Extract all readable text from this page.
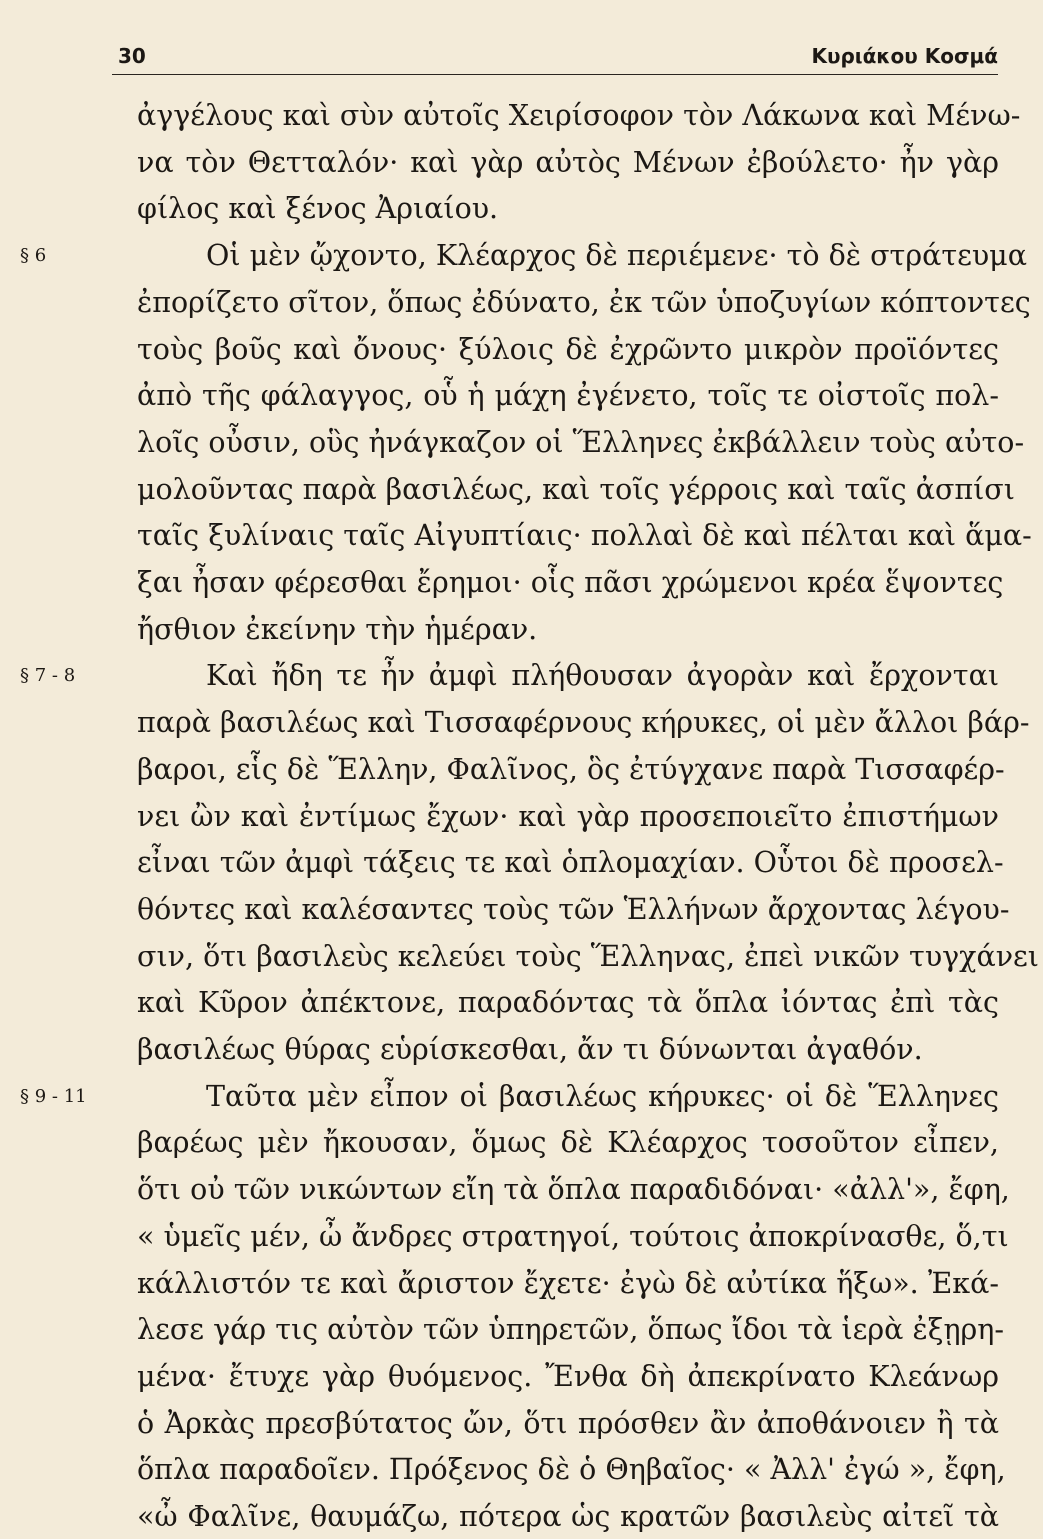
30	Κυριάκου Κοσμά
ἀγγέλους καὶ σὺν αὐτοῖς Χειρίσοφον τὸν Λάκωνα καὶ Μένω-
να τὸν Θετταλόν· καὶ γὰρ αὐτὸς Μένων ἐβούλετο· ἦν γὰρ
φίλος καὶ ξένος Ἀριαίου.
§ 6	Οἱ μὲν ᾤχοντο, Κλέαρχος δὲ περιέμενε· τὸ δὲ στράτευμα
ἐπορίζετο σῖτον, ὅπως ἐδύνατο, ἐκ τῶν ὑποζυγίων κόπτοντες
τοὺς βοῦς καὶ ὄνους· ξύλοις δὲ ἐχρῶντο μικρὸν προϊόντες
ἀπὸ τῆς φάλαγγος, οὗ ἡ μάχη ἐγένετο, τοῖς τε οἰστοῖς πολ-
λοῖς οὖσιν, οὓς ἠνάγκαζον οἱ Ἕλληνες ἐκβάλλειν τοὺς αὐτο-
μολοῦντας παρὰ βασιλέως, καὶ τοῖς γέρροις καὶ ταῖς ἀσπίσι
ταῖς ξυλίναις ταῖς Αἰγυπτίαις· πολλαὶ δὲ καὶ πέλται καὶ ἅμα-
ξαι ἦσαν φέρεσθαι ἔρημοι· οἷς πᾶσι χρώμενοι κρέα ἕψοντες
ἤσθιον ἐκείνην τὴν ἡμέραν.
§ 7 - 8	Καὶ ἤδη τε ἦν ἀμφὶ πλήθουσαν ἀγορὰν καὶ ἔρχονται
παρὰ βασιλέως καὶ Τισσαφέρνους κήρυκες, οἱ μὲν ἄλλοι βάρ-
βαροι, εἷς δὲ Ἕλλην, Φαλῖνος, ὃς ἐτύγχανε παρὰ Τισσαφέρ-
νει ὢν καὶ ἐντίμως ἔχων· καὶ γὰρ προσεποιεῖτο ἐπιστήμων
εἶναι τῶν ἀμφὶ τάξεις τε καὶ ὁπλομαχίαν. Οὗτοι δὲ προσελ-
θόντες καὶ καλέσαντες τοὺς τῶν Ἑλλήνων ἄρχοντας λέγου-
σιν, ὅτι βασιλεὺς κελεύει τοὺς Ἕλληνας, ἐπεὶ νικῶν τυγχάνει
καὶ Κῦρον ἀπέκτονε, παραδόντας τὰ ὅπλα ἰόντας ἐπὶ τὰς
βασιλέως θύρας εὑρίσκεσθαι, ἄν τι δύνωνται ἀγαθόν.
§ 9 - 11	Ταῦτα μὲν εἶπον οἱ βασιλέως κήρυκες· οἱ δὲ Ἕλληνες
βαρέως μὲν ἤκουσαν, ὅμως δὲ Κλέαρχος τοσοῦτον εἶπεν,
ὅτι οὐ τῶν νικώντων εἴη τὰ ὅπλα παραδιδόναι· «ἀλλ'», ἔφη,
« ὑμεῖς μέν, ὦ ἄνδρες στρατηγοί, τούτοις ἀποκρίνασθε, ὅ,τι
κάλλιστόν τε καὶ ἄριστον ἔχετε· ἐγὼ δὲ αὐτίκα ἥξω». Ἐκά-
λεσε γάρ τις αὐτὸν τῶν ὑπηρετῶν, ὅπως ἴδοι τὰ ἱερὰ ἐξῃρη-
μένα· ἔτυχε γὰρ θυόμενος. Ἔνθα δὴ ἀπεκρίνατο Κλεάνωρ
ὁ Ἀρκὰς πρεσβύτατος ὤν, ὅτι πρόσθεν ἂν ἀποθάνοιεν ἢ τὰ
ὅπλα παραδοῖεν. Πρόξενος δὲ ὁ Θηβαῖος· « Ἀλλ' ἐγώ », ἔφη,
«ὦ Φαλῖνε, θαυμάζω, πότερα ὡς κρατῶν βασιλεὺς αἰτεῖ τὰ
